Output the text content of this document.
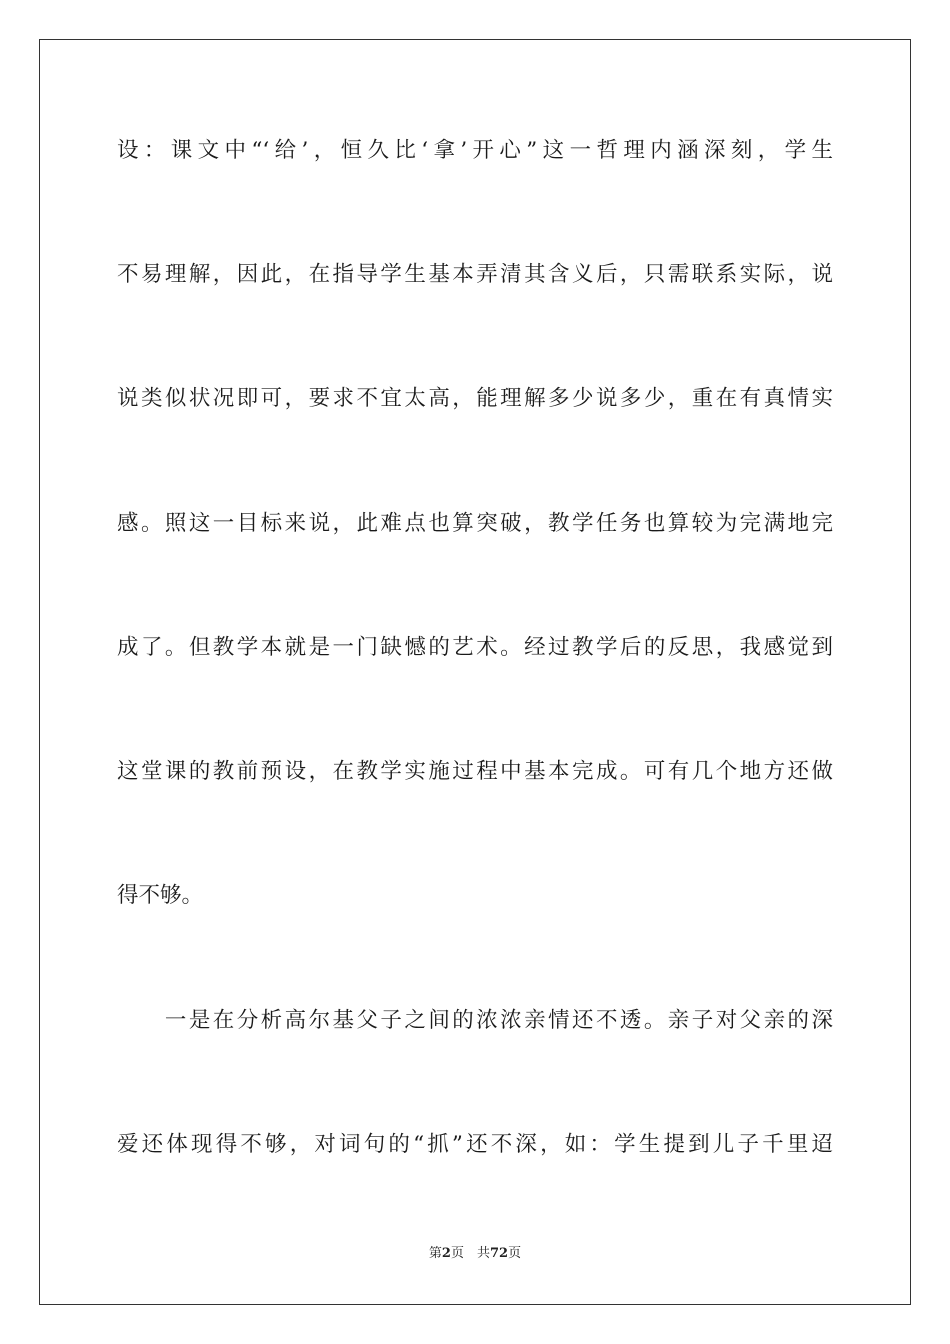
设：课文中“‘给’，恒久比‘拿’开心”这一哲理内涵深刻，学生
不易理解，因此，在指导学生基本弄清其含义后，只需联系实际，说
说类似状况即可，要求不宜太高，能理解多少说多少，重在有真情实
感。照这一目标来说，此难点也算突破，教学任务也算较为完满地完
成了。但教学本就是一门缺憾的艺术。经过教学后的反思，我感觉到
这堂课的教前预设，在教学实施过程中基本完成。可有几个地方还做
得不够。
　　一是在分析高尔基父子之间的浓浓亲情还不透。亲子对父亲的深
爱还体现得不够，对词句的“抓”还不深，如：学生提到儿子千里迢
第2页　 共72页
